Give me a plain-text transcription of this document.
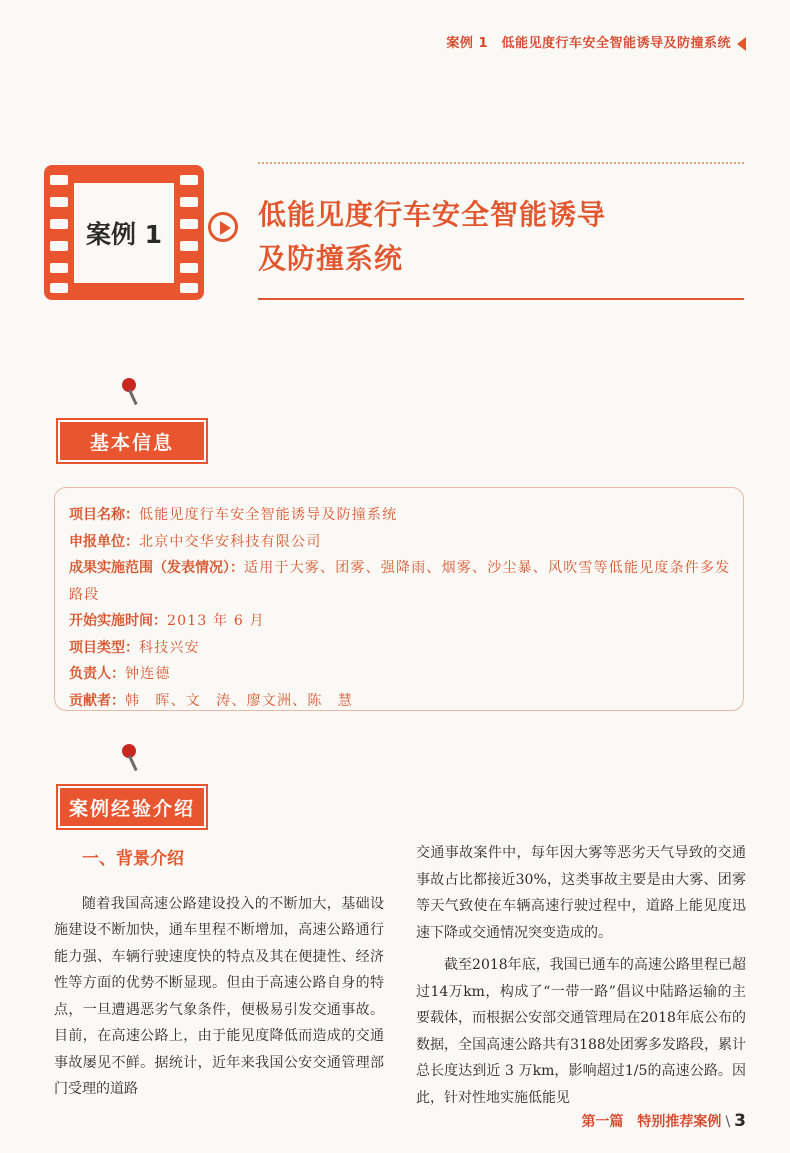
案例 1　低能见度行车安全智能诱导及防撞系统
案例 1
低能见度行车安全智能诱导
及防撞系统
基本信息
项目名称：低能见度行车安全智能诱导及防撞系统
申报单位：北京中交华安科技有限公司
成果实施范围（发表情况）：适用于大雾、团雾、强降雨、烟雾、沙尘暴、风吹雪等低能见度条件多发路段
开始实施时间：2013 年 6 月
项目类型：科技兴安
负责人：钟连德
贡献者：韩　晖、文　涛、廖文洲、陈　慧
案例经验介绍
一、背景介绍

随着我国高速公路建设投入的不断加大，基础设施建设不断加快，通车里程不断增加，高速公路通行能力强、车辆行驶速度快的特点及其在便捷性、经济性等方面的优势不断显现。但由于高速公路自身的特点，一旦遭遇恶劣气象条件，便极易引发交通事故。目前，在高速公路上，由于能见度降低而造成的交通事故屡见不鲜。据统计，近年来我国公安交通管理部门受理的道路

交通事故案件中，每年因大雾等恶劣天气导致的交通事故占比都接近30%，这类事故主要是由大雾、团雾等天气致使在车辆高速行驶过程中，道路上能见度迅速下降或交通情况突变造成的。

截至2018年底，我国已通车的高速公路里程已超过14万km，构成了“一带一路”倡议中陆路运输的主要载体，而根据公安部交通管理局在2018年底公布的数据，全国高速公路共有3188处团雾多发路段，累计总长度达到近 3 万km，影响超过1/5的高速公路。因此，针对性地实施低能见

第一篇　特别推荐案例 \ 3
